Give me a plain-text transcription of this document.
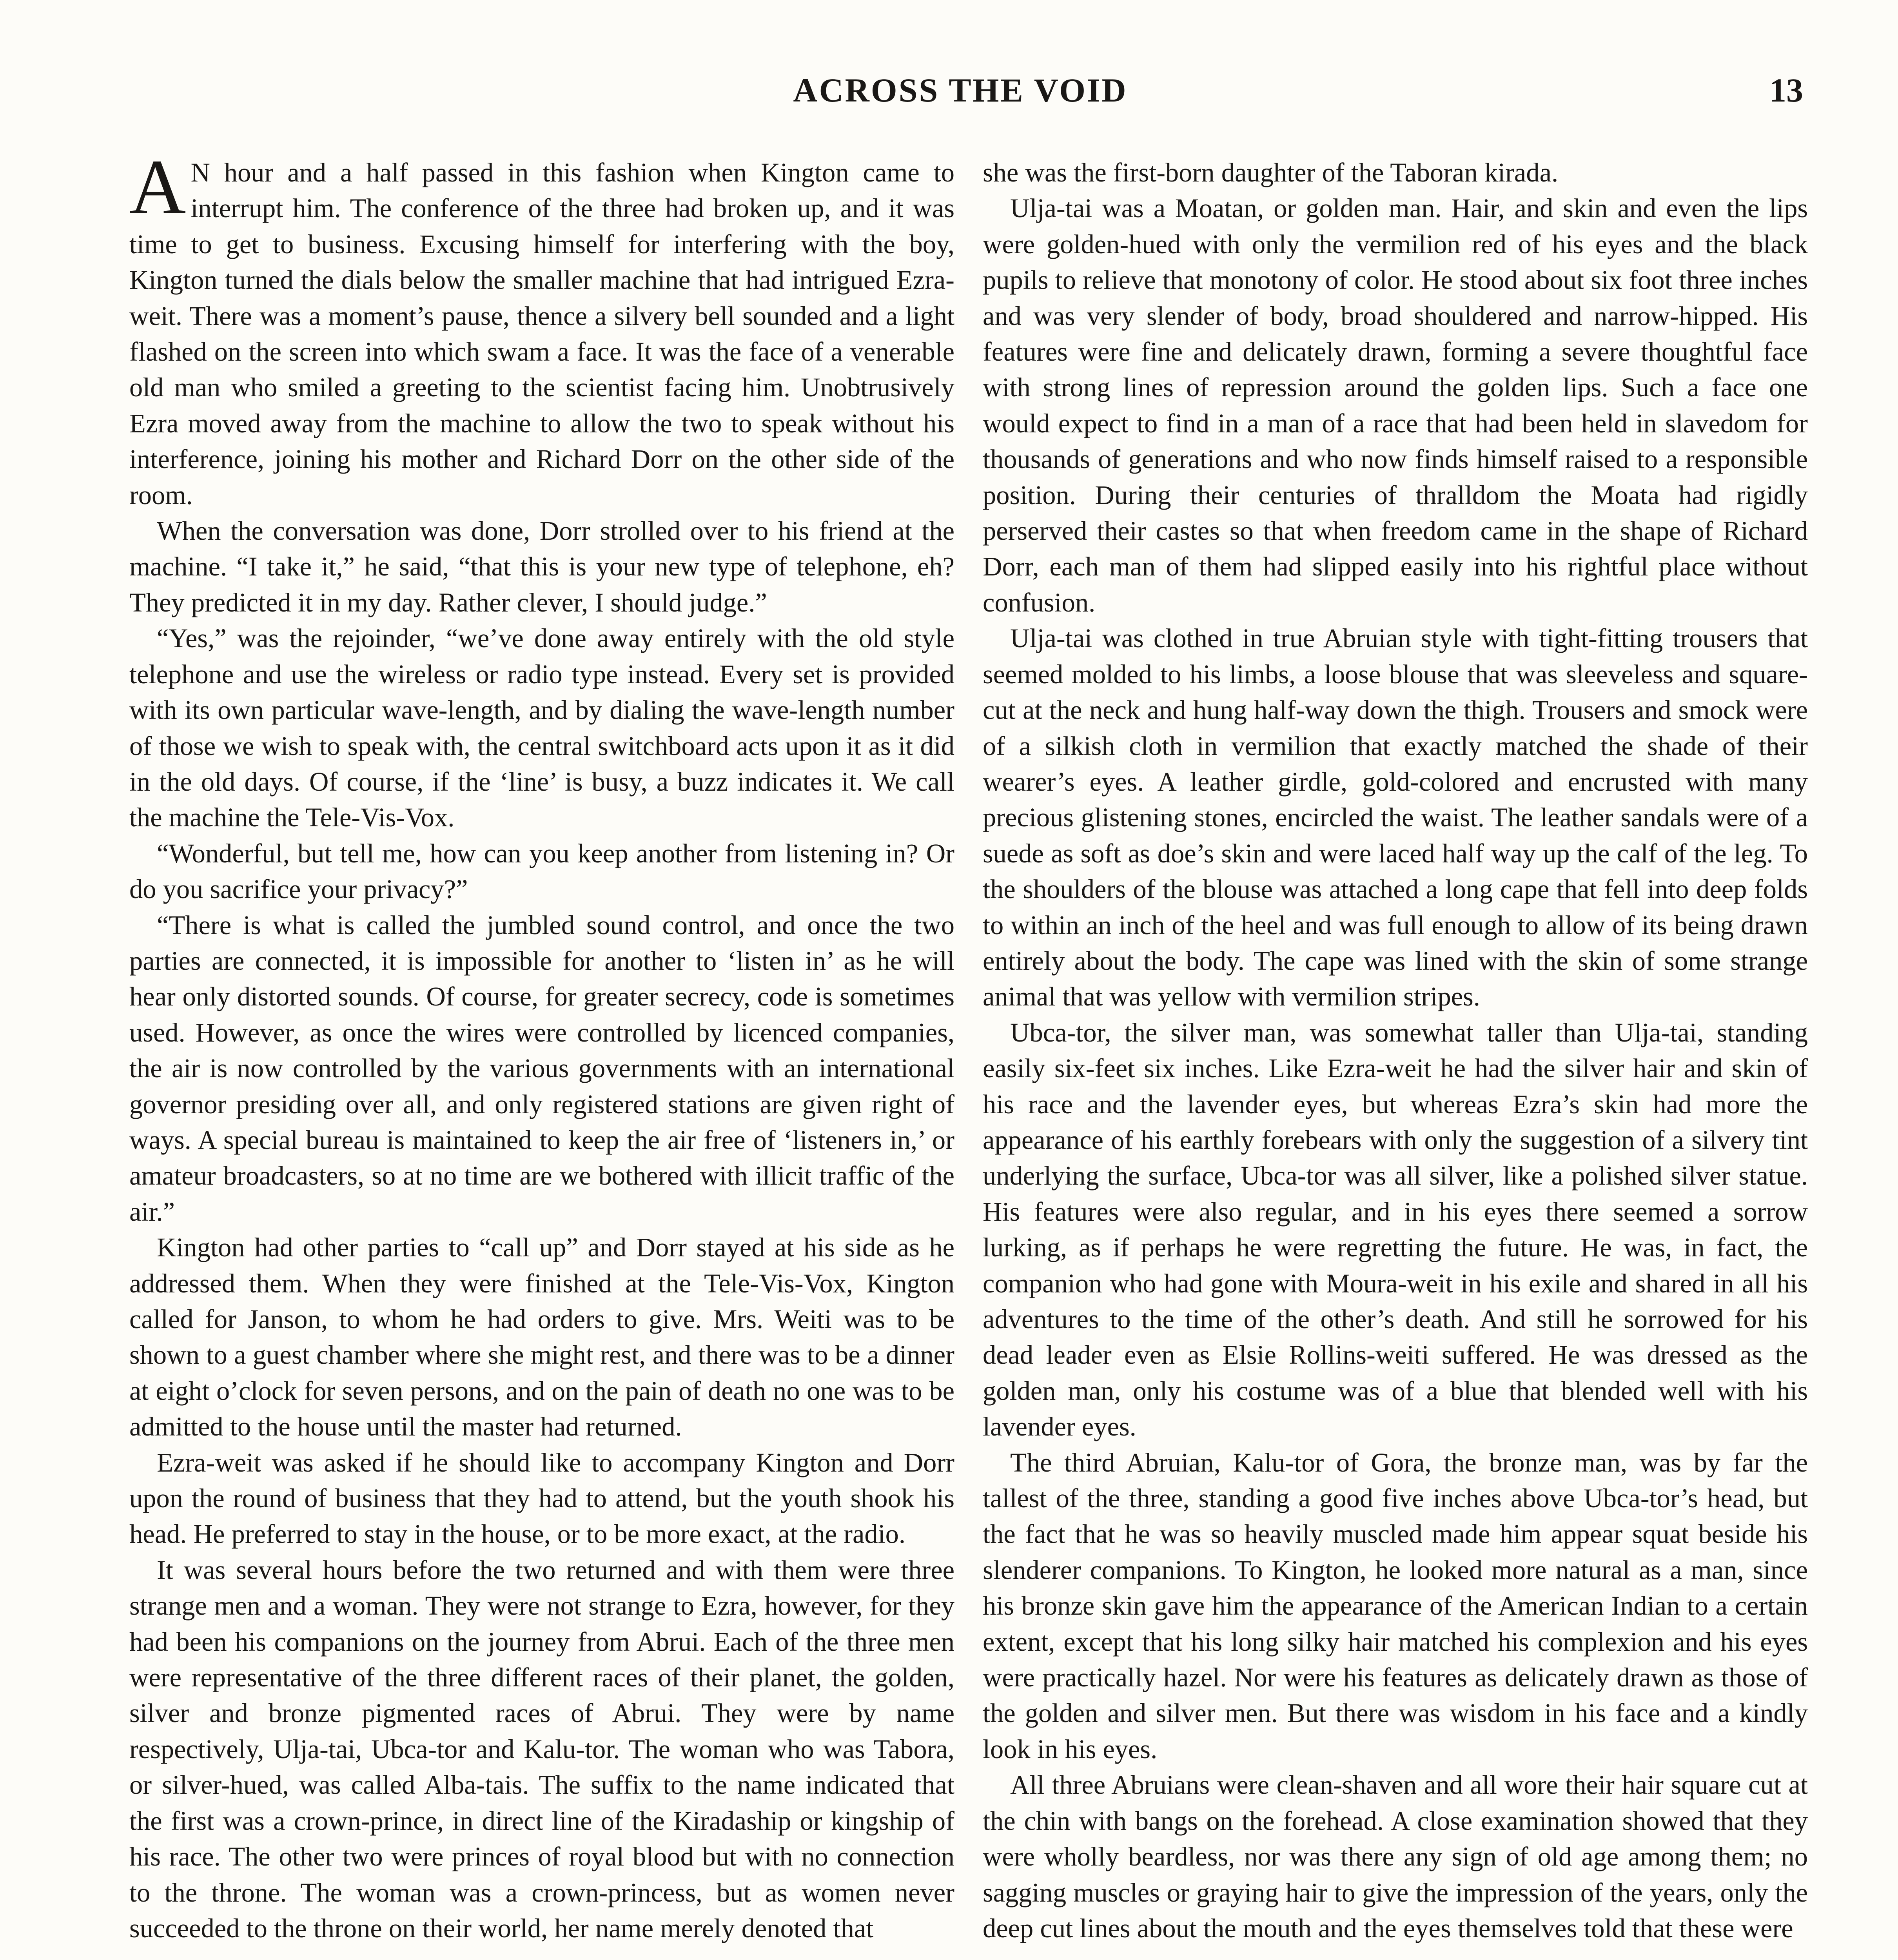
ACROSS THE VOID	13

A N hour and a half passed in this fashion when Kington came to interrupt him. The conference of the three had broken up, and it was time to get to business. Excusing himself for interfering with the boy, Kington turned the dials below the smaller machine that had intrigued Ezra-weit. There was a moment’s pause, thence a silvery bell sounded and a light flashed on the screen into which swam a face. It was the face of a venerable old man who smiled a greeting to the scientist facing him. Unobtrusively Ezra moved away from the machine to allow the two to speak without his interference, joining his mother and Richard Dorr on the other side of the room.

When the conversation was done, Dorr strolled over to his friend at the machine. “I take it,” he said, “that this is your new type of telephone, eh? They predicted it in my day. Rather clever, I should judge.”

“Yes,” was the rejoinder, “we’ve done away entirely with the old style telephone and use the wireless or radio type instead. Every set is provided with its own particular wave-length, and by dialing the wave-length number of those we wish to speak with, the central switchboard acts upon it as it did in the old days. Of course, if the ‘line’ is busy, a buzz indicates it. We call the machine the Tele-Vis-Vox.

“Wonderful, but tell me, how can you keep another from listening in? Or do you sacrifice your privacy?”

“There is what is called the jumbled sound control, and once the two parties are connected, it is impossible for another to ‘listen in’ as he will hear only distorted sounds. Of course, for greater secrecy, code is sometimes used. However, as once the wires were controlled by licenced companies, the air is now controlled by the various governments with an international governor presiding over all, and only registered stations are given right of ways. A special bureau is maintained to keep the air free of ‘listeners in,’ or amateur broadcasters, so at no time are we bothered with illicit traffic of the air.”

Kington had other parties to “call up” and Dorr stayed at his side as he addressed them. When they were finished at the Tele-Vis-Vox, Kington called for Janson, to whom he had orders to give. Mrs. Weiti was to be shown to a guest chamber where she might rest, and there was to be a dinner at eight o’clock for seven persons, and on the pain of death no one was to be admitted to the house until the master had returned.

Ezra-weit was asked if he should like to accompany Kington and Dorr upon the round of business that they had to attend, but the youth shook his head. He preferred to stay in the house, or to be more exact, at the radio.

It was several hours before the two returned and with them were three strange men and a woman. They were not strange to Ezra, however, for they had been his companions on the journey from Abrui. Each of the three men were representative of the three different races of their planet, the golden, silver and bronze pigmented races of Abrui. They were by name respectively, Ulja-tai, Ubca-tor and Kalu-tor. The woman who was Tabora, or silver-hued, was called Alba-tais. The suffix to the name indicated that the first was a crown-prince, in direct line of the Kiradaship or kingship of his race. The other two were princes of royal blood but with no connection to the throne. The woman was a crown-princess, but as women never succeeded to the throne on their world, her name merely denoted that

she was the first-born daughter of the Taboran kirada.

Ulja-tai was a Moatan, or golden man. Hair, and skin and even the lips were golden-hued with only the vermilion red of his eyes and the black pupils to relieve that monotony of color. He stood about six foot three inches and was very slender of body, broad shouldered and narrow-hipped. His features were fine and delicately drawn, forming a severe thoughtful face with strong lines of repression around the golden lips. Such a face one would expect to find in a man of a race that had been held in slavedom for thousands of generations and who now finds himself raised to a responsible position. During their centuries of thralldom the Moata had rigidly perserved their castes so that when freedom came in the shape of Richard Dorr, each man of them had slipped easily into his rightful place without confusion.

Ulja-tai was clothed in true Abruian style with tight-fitting trousers that seemed molded to his limbs, a loose blouse that was sleeveless and square-cut at the neck and hung half-way down the thigh. Trousers and smock were of a silkish cloth in vermilion that exactly matched the shade of their wearer’s eyes. A leather girdle, gold-colored and encrusted with many precious glistening stones, encircled the waist. The leather sandals were of a suede as soft as doe’s skin and were laced half way up the calf of the leg. To the shoulders of the blouse was attached a long cape that fell into deep folds to within an inch of the heel and was full enough to allow of its being drawn entirely about the body. The cape was lined with the skin of some strange animal that was yellow with vermilion stripes.

Ubca-tor, the silver man, was somewhat taller than Ulja-tai, standing easily six-feet six inches. Like Ezra-weit he had the silver hair and skin of his race and the lavender eyes, but whereas Ezra’s skin had more the appearance of his earthly forebears with only the suggestion of a silvery tint underlying the surface, Ubca-tor was all silver, like a polished silver statue. His features were also regular, and in his eyes there seemed a sorrow lurking, as if perhaps he were regretting the future. He was, in fact, the companion who had gone with Moura-weit in his exile and shared in all his adventures to the time of the other’s death. And still he sorrowed for his dead leader even as Elsie Rollins-weiti suffered. He was dressed as the golden man, only his costume was of a blue that blended well with his lavender eyes.

The third Abruian, Kalu-tor of Gora, the bronze man, was by far the tallest of the three, standing a good five inches above Ubca-tor’s head, but the fact that he was so heavily muscled made him appear squat beside his slenderer companions. To Kington, he looked more natural as a man, since his bronze skin gave him the appearance of the American Indian to a certain extent, except that his long silky hair matched his complexion and his eyes were practically hazel. Nor were his features as delicately drawn as those of the golden and silver men. But there was wisdom in his face and a kindly look in his eyes.

All three Abruians were clean-shaven and all wore their hair square cut at the chin with bangs on the forehead. A close examination showed that they were wholly beardless, nor was there any sign of old age among them; no sagging muscles or graying hair to give the impression of the years, only the deep cut lines about the mouth and the eyes themselves told that these were
